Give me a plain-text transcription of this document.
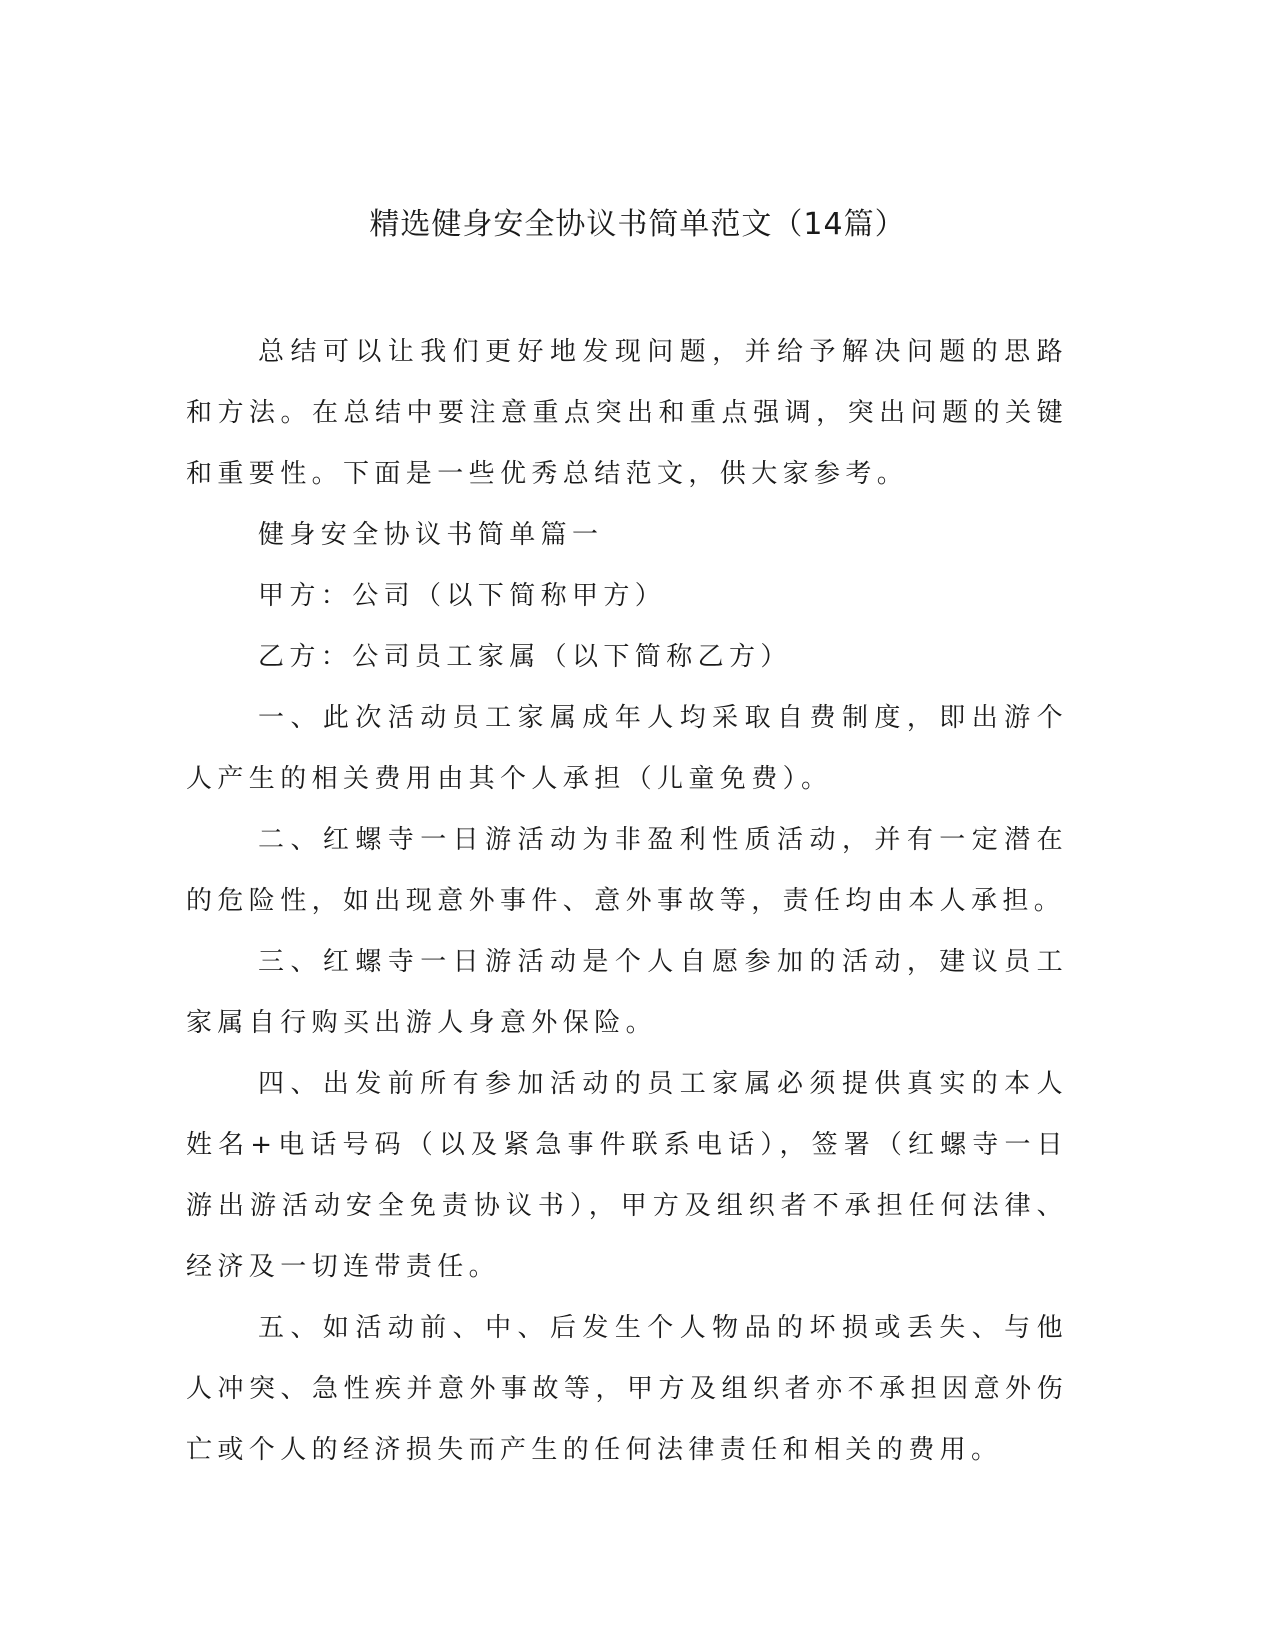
精选健身安全协议书简单范文（14篇）

总结可以让我们更好地发现问题，并给予解决问题的思路和方法。在总结中要注意重点突出和重点强调，突出问题的关键和重要性。下面是一些优秀总结范文，供大家参考。

健身安全协议书简单篇一

甲方：公司（以下简称甲方）

乙方：公司员工家属（以下简称乙方）

一、此次活动员工家属成年人均采取自费制度，即出游个人产生的相关费用由其个人承担（儿童免费）。

二、红螺寺一日游活动为非盈利性质活动，并有一定潜在的危险性，如出现意外事件、意外事故等，责任均由本人承担。

三、红螺寺一日游活动是个人自愿参加的活动，建议员工家属自行购买出游人身意外保险。

四、出发前所有参加活动的员工家属必须提供真实的本人姓名+电话号码（以及紧急事件联系电话），签署（红螺寺一日游出游活动安全免责协议书），甲方及组织者不承担任何法律、经济及一切连带责任。

五、如活动前、中、后发生个人物品的坏损或丢失、与他人冲突、急性疾并意外事故等，甲方及组织者亦不承担因意外伤亡或个人的经济损失而产生的任何法律责任和相关的费用。
